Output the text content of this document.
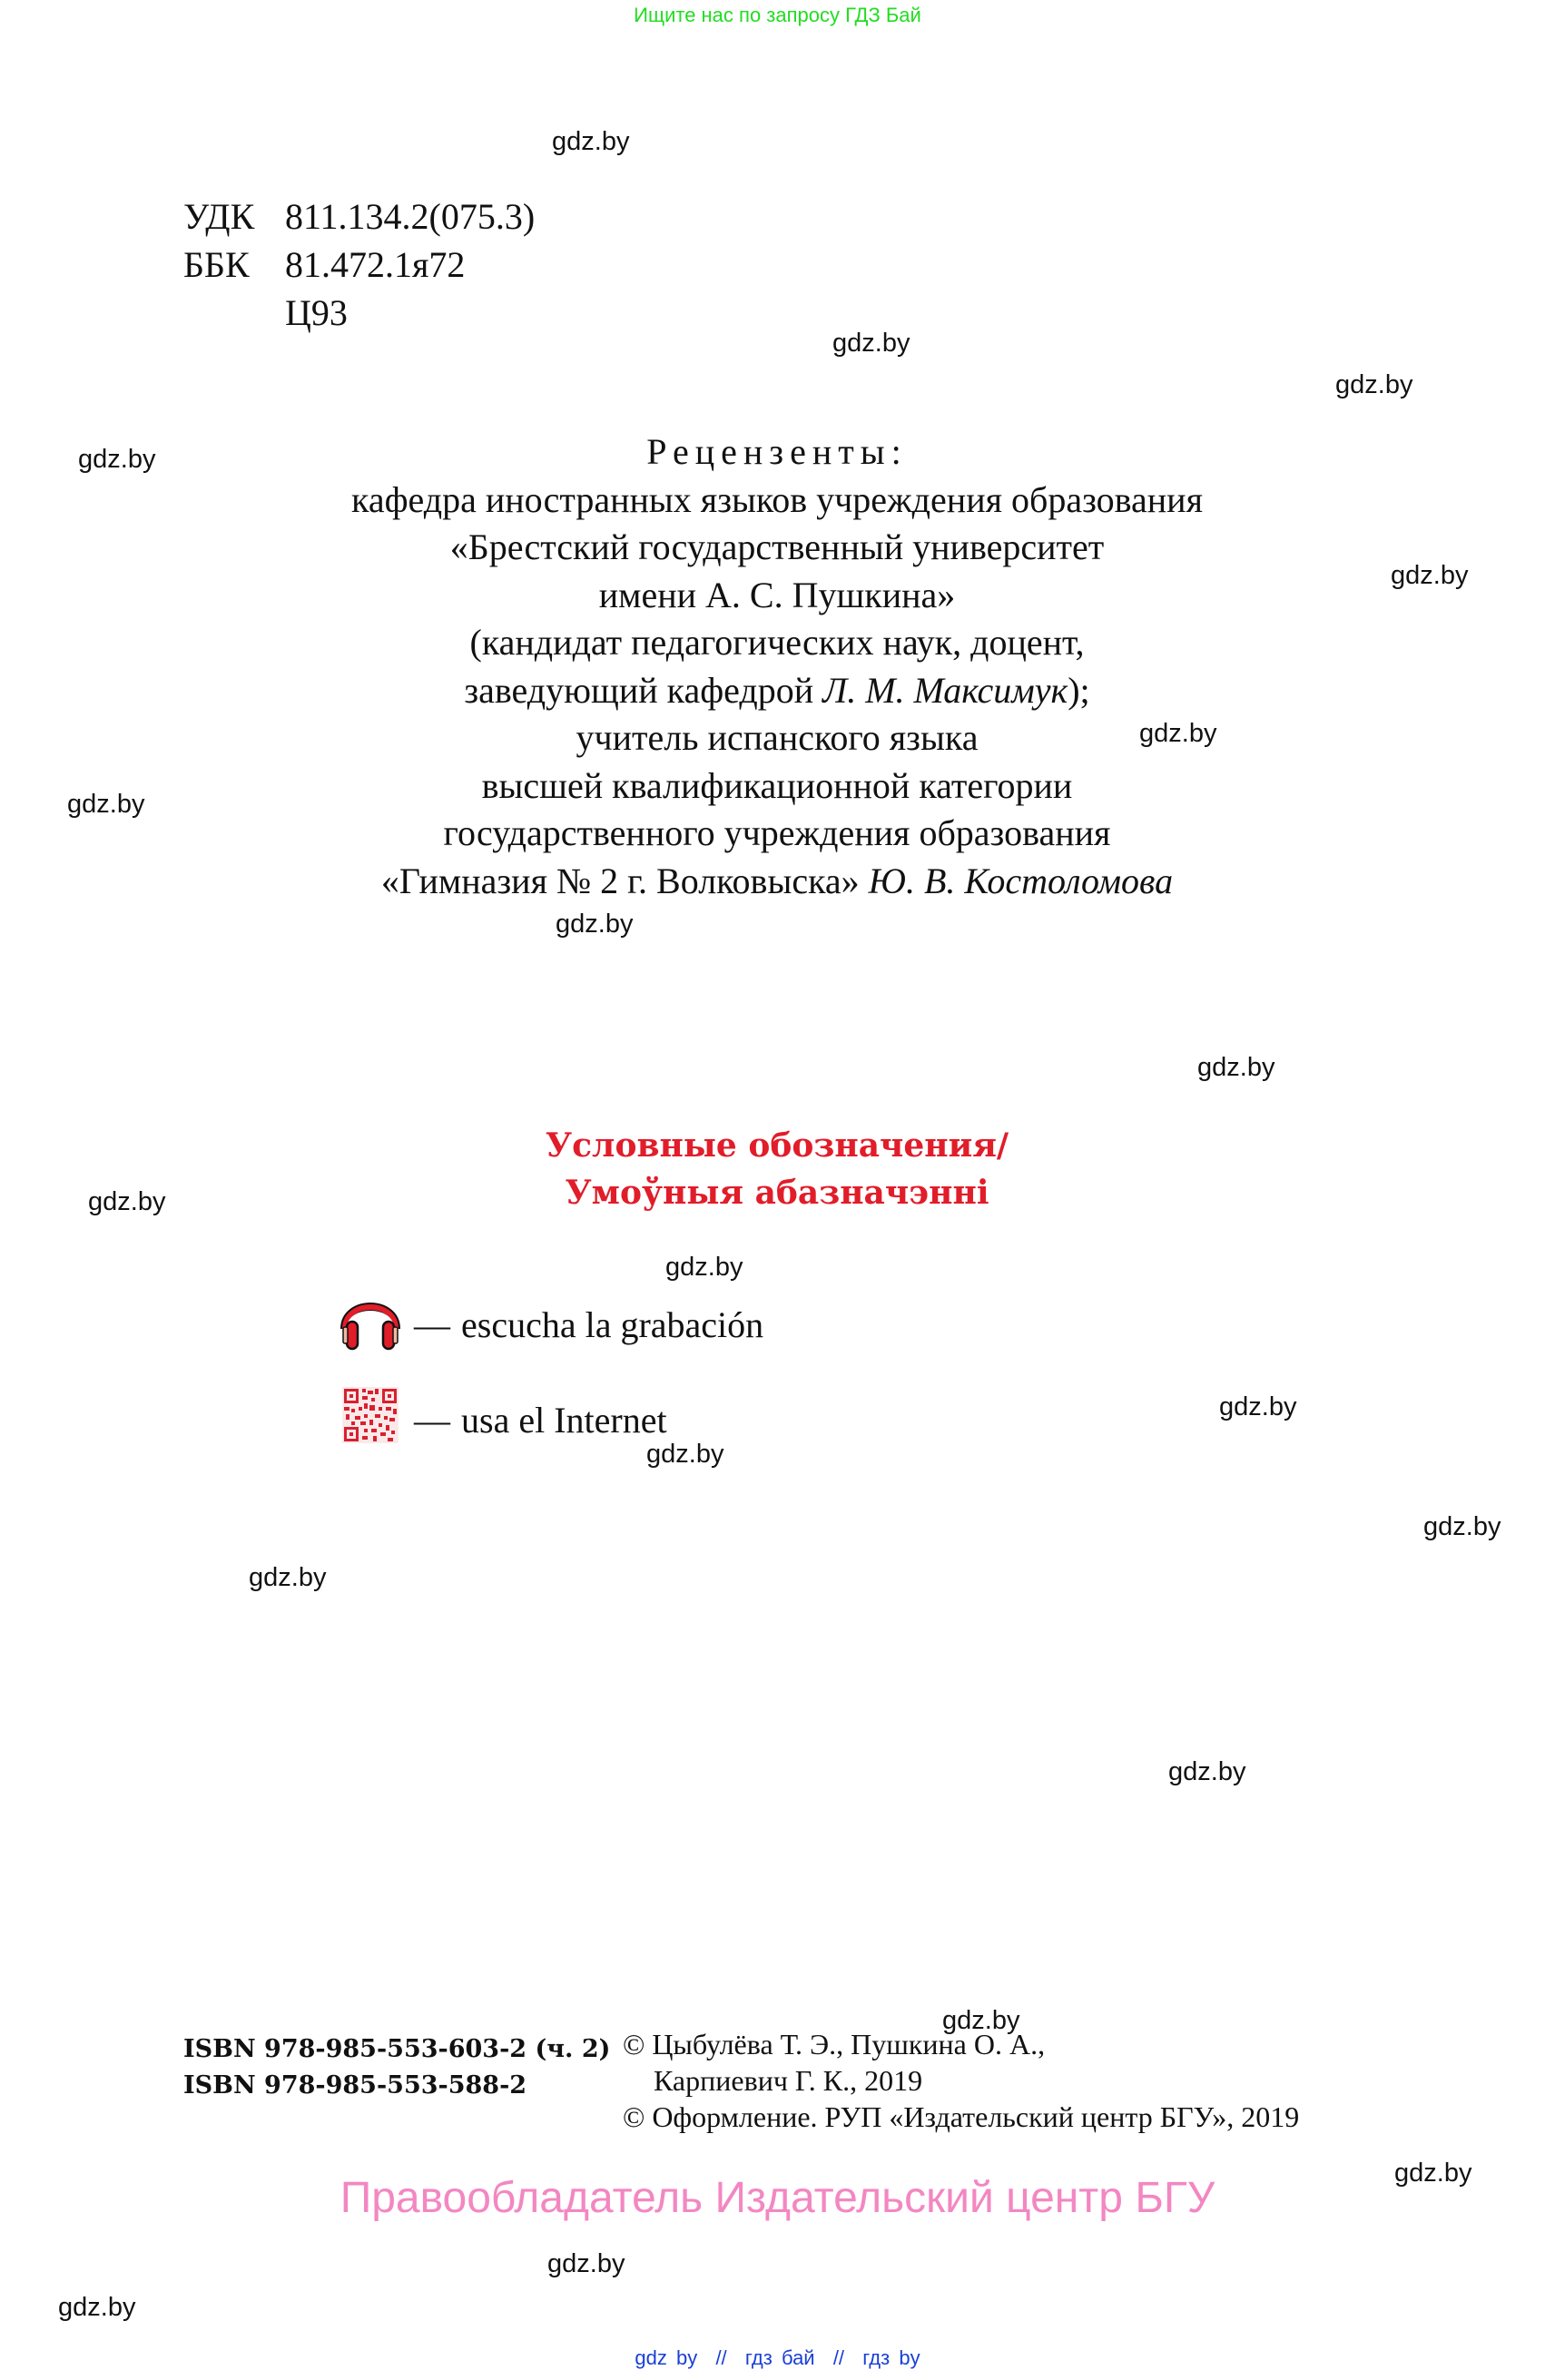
Ищите нас по запросу ГДЗ Бай
gdz.by
gdz.by
gdz.by
gdz.by
gdz.by
gdz.by
gdz.by
gdz.by
gdz.by
gdz.by
gdz.by
gdz.by
gdz.by
gdz.by
gdz.by
gdz.by
gdz.by
gdz.by
gdz.by
gdz.by
УДК 811.134.2(075.3)
ББК 81.472.1я72
Ц93
Рецензенты:
кафедра иностранных языков учреждения образования
«Брестский государственный университет
имени А. С. Пушкина»
(кандидат педагогических наук, доцент,
заведующий кафедрой Л. М. Максимук);
учитель испанского языка
высшей квалификационной категории
государственного учреждения образования
«Гимназия № 2 г. Волковыска» Ю. В. Костоломова
Условные обозначения/
Умоўныя абазначэнні
— escucha la grabación
— usa el Internet
ISBN 978-985-553-603-2 (ч. 2)
ISBN 978-985-553-588-2
© Цыбулёва Т. Э., Пушкина О. А.,
Карпиевич Г. К., 2019
© Оформление. РУП «Издательский центр БГУ», 2019
Правообладатель Издательский центр БГУ
gdz by  //  гдз бай  //  гдз by
